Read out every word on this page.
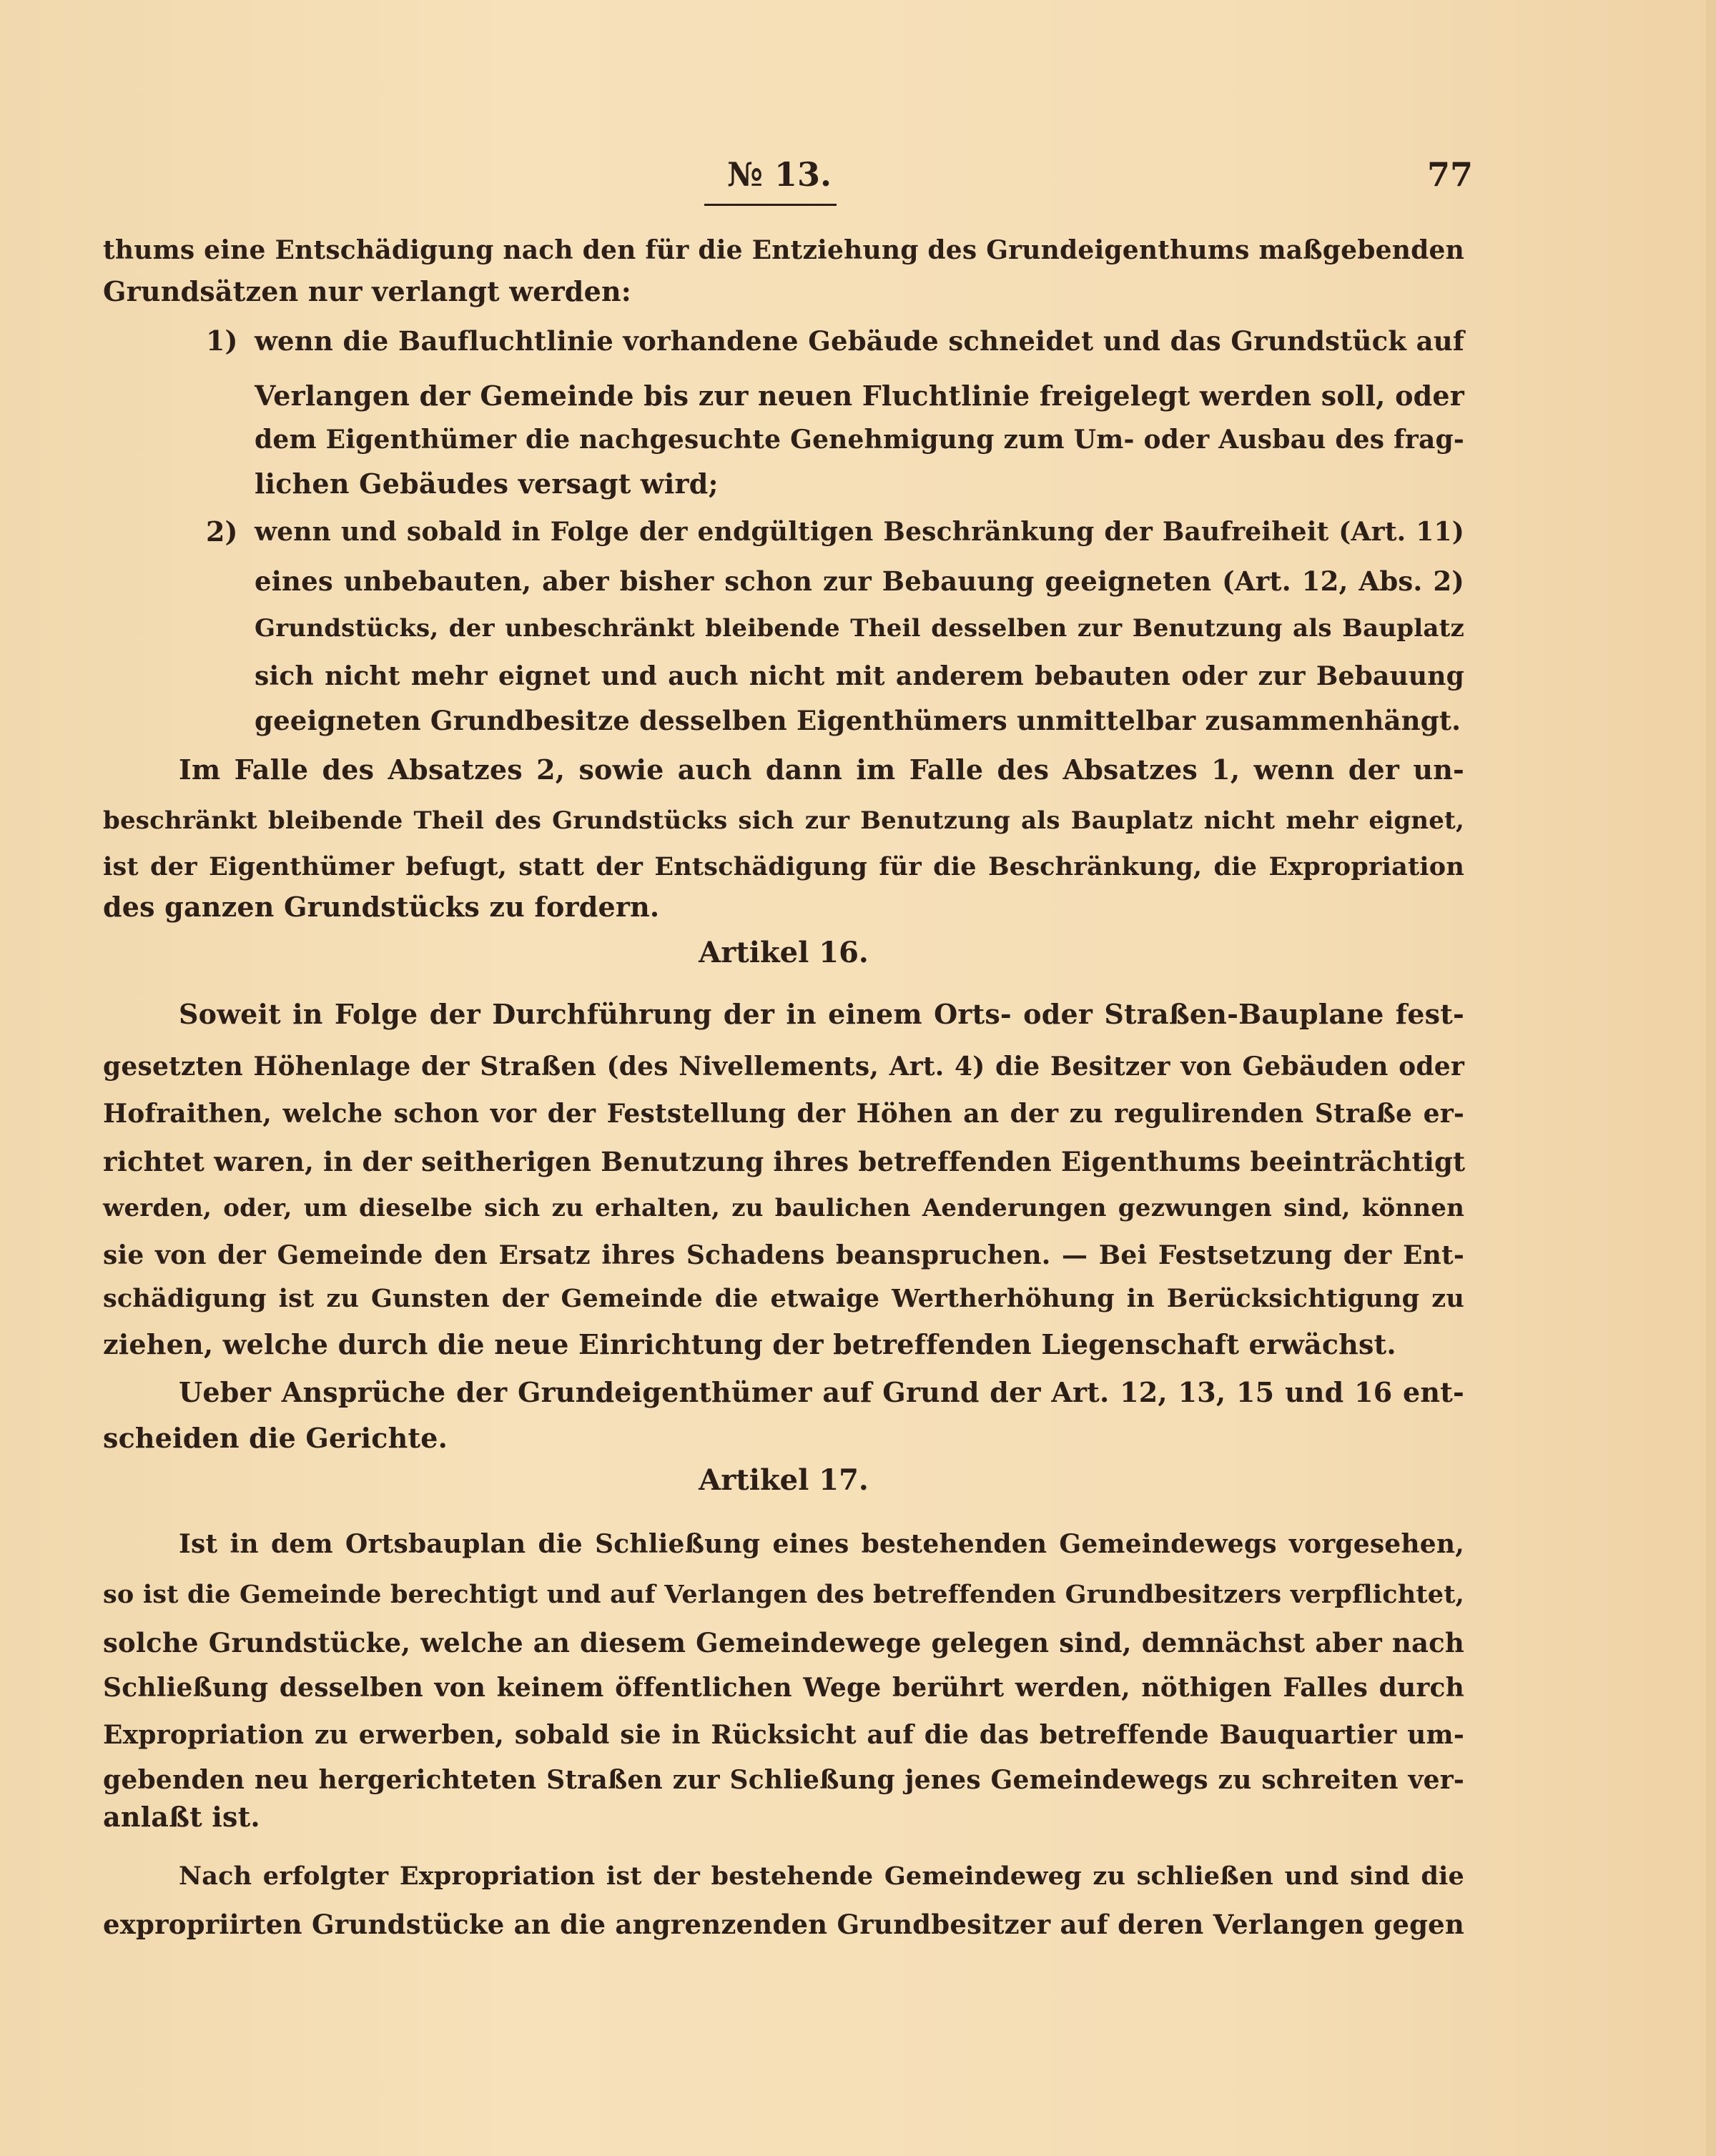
№ 13.	77
thums eine Entschädigung nach den für die Entziehung des Grundeigenthums maßgebenden
Grundsätzen nur verlangt werden:
1) wenn die Baufluchtlinie vorhandene Gebäude schneidet und das Grundstück auf
Verlangen der Gemeinde bis zur neuen Fluchtlinie freigelegt werden soll, oder
dem Eigenthümer die nachgesuchte Genehmigung zum Um- oder Ausbau des frag-
lichen Gebäudes versagt wird;
2) wenn und sobald in Folge der endgültigen Beschränkung der Baufreiheit (Art. 11)
eines unbebauten, aber bisher schon zur Bebauung geeigneten (Art. 12, Abs. 2)
Grundstücks, der unbeschränkt bleibende Theil desselben zur Benutzung als Bauplatz
sich nicht mehr eignet und auch nicht mit anderem bebauten oder zur Bebauung
geeigneten Grundbesitze desselben Eigenthümers unmittelbar zusammenhängt.
Im Falle des Absatzes 2, sowie auch dann im Falle des Absatzes 1, wenn der un-
beschränkt bleibende Theil des Grundstücks sich zur Benutzung als Bauplatz nicht mehr eignet,
ist der Eigenthümer befugt, statt der Entschädigung für die Beschränkung, die Expropriation
des ganzen Grundstücks zu fordern.
Artikel 16.
Soweit in Folge der Durchführung der in einem Orts- oder Straßen-Bauplane fest-
gesetzten Höhenlage der Straßen (des Nivellements, Art. 4) die Besitzer von Gebäuden oder
Hofraithen, welche schon vor der Feststellung der Höhen an der zu regulirenden Straße er-
richtet waren, in der seitherigen Benutzung ihres betreffenden Eigenthums beeinträchtigt
werden, oder, um dieselbe sich zu erhalten, zu baulichen Aenderungen gezwungen sind, können
sie von der Gemeinde den Ersatz ihres Schadens beanspruchen. — Bei Festsetzung der Ent-
schädigung ist zu Gunsten der Gemeinde die etwaige Wertherhöhung in Berücksichtigung zu
ziehen, welche durch die neue Einrichtung der betreffenden Liegenschaft erwächst.
Ueber Ansprüche der Grundeigenthümer auf Grund der Art. 12, 13, 15 und 16 ent-
scheiden die Gerichte.
Artikel 17.
Ist in dem Ortsbauplan die Schließung eines bestehenden Gemeindewegs vorgesehen,
so ist die Gemeinde berechtigt und auf Verlangen des betreffenden Grundbesitzers verpflichtet,
solche Grundstücke, welche an diesem Gemeindewege gelegen sind, demnächst aber nach
Schließung desselben von keinem öffentlichen Wege berührt werden, nöthigen Falles durch
Expropriation zu erwerben, sobald sie in Rücksicht auf die das betreffende Bauquartier um-
gebenden neu hergerichteten Straßen zur Schließung jenes Gemeindewegs zu schreiten ver-
anlaßt ist.
Nach erfolgter Expropriation ist der bestehende Gemeindeweg zu schließen und sind die
expropriirten Grundstücke an die angrenzenden Grundbesitzer auf deren Verlangen gegen
